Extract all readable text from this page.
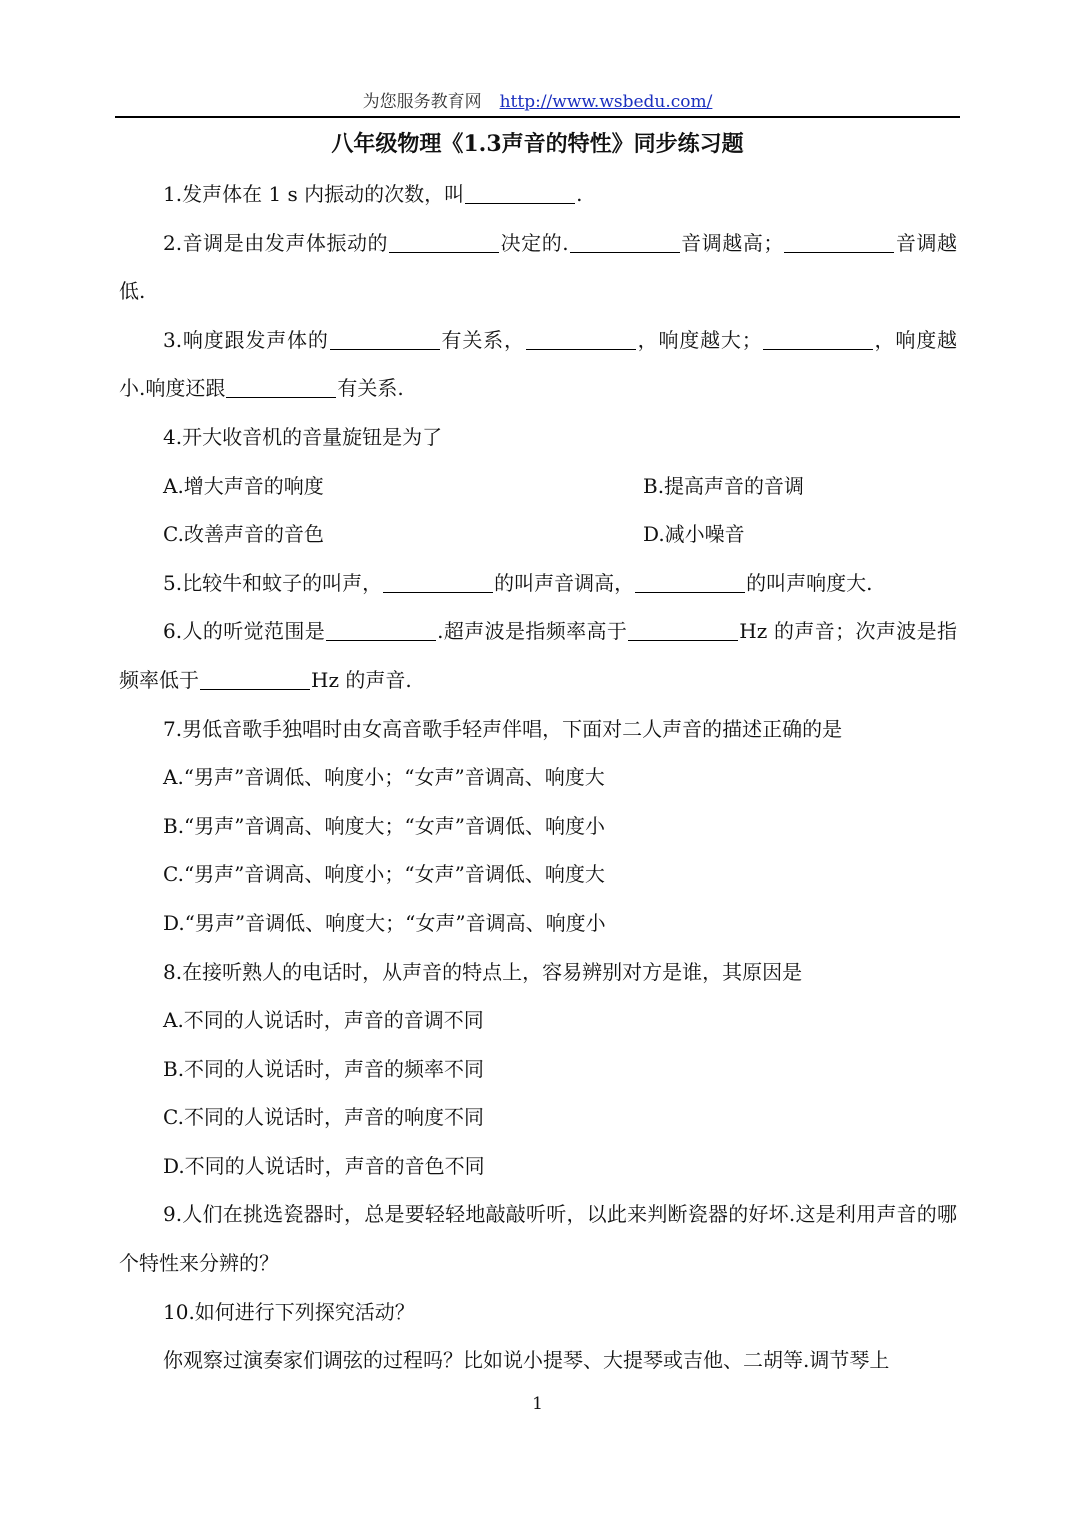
为您服务教育网 http://www.wsbedu.com/
八年级物理《1.3声音的特性》同步练习题

1.发声体在 1 s 内振动的次数，叫	.

2.音调是由发声体振动的	决定的.	音调越高；	音调越低.

3.响度跟发声体的	有关系，	，响度越大；	，响度越小.响度还跟	有关系.

4.开大收音机的音量旋钮是为了

A.增大声音的响度	B.提高声音的音调
C.改善声音的音色	D.减小噪音

5.比较牛和蚊子的叫声，	的叫声音调高，	的叫声响度大.

6.人的听觉范围是	.超声波是指频率高于	Hz 的声音；次声波是指频率低于	Hz 的声音.

7.男低音歌手独唱时由女高音歌手轻声伴唱，下面对二人声音的描述正确的是

A.“男声”音调低、响度小；“女声”音调高、响度大

B.“男声”音调高、响度大；“女声”音调低、响度小

C.“男声”音调高、响度小；“女声”音调低、响度大

D.“男声”音调低、响度大；“女声”音调高、响度小

8.在接听熟人的电话时，从声音的特点上，容易辨别对方是谁，其原因是

A.不同的人说话时，声音的音调不同

B.不同的人说话时，声音的频率不同

C.不同的人说话时，声音的响度不同

D.不同的人说话时，声音的音色不同

9.人们在挑选瓷器时，总是要轻轻地敲敲听听，以此来判断瓷器的好坏.这是利用声音的哪个特性来分辨的？

10.如何进行下列探究活动？

你观察过演奏家们调弦的过程吗？比如说小提琴、大提琴或吉他、二胡等.调节琴上

1
